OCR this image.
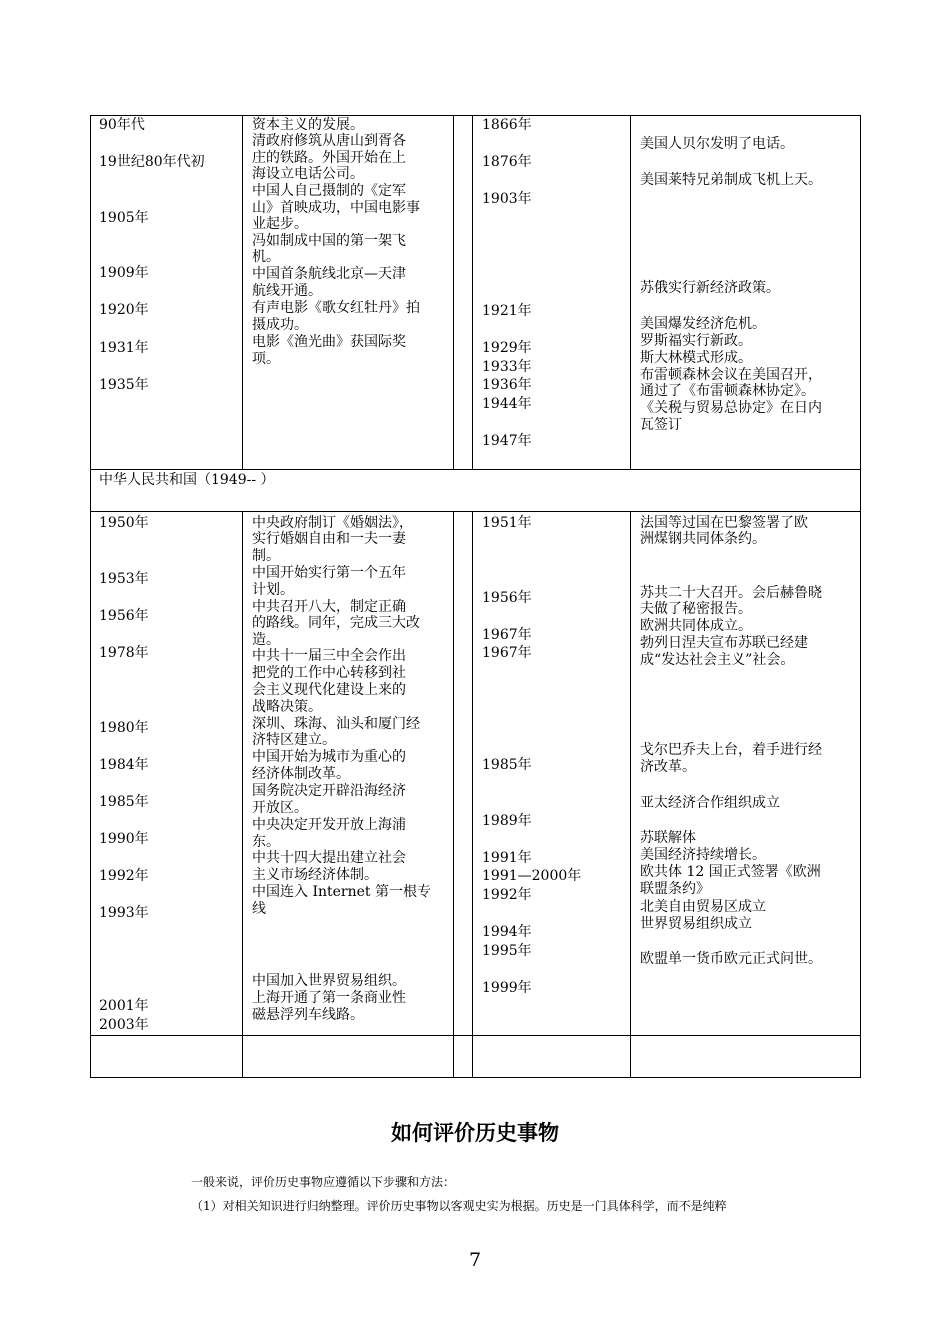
90年代
19世纪80年代初
1905年
1909年
1920年
1931年
1935年
资本主义的发展。
清政府修筑从唐山到胥各
庄的铁路。外国开始在上
海设立电话公司。
中国人自己摄制的《定军
山》首映成功，中国电影事
业起步。
冯如制成中国的第一架飞
机。
中国首条航线北京—天津
航线开通。
有声电影《歌女红牡丹》拍
摄成功。
电影《渔光曲》获国际奖
项。
1866年
1876年
1903年
1921年
1929年
1933年
1936年
1944年
1947年
美国人贝尔发明了电话。
美国莱特兄弟制成飞机上天。
苏俄实行新经济政策。
美国爆发经济危机。
罗斯福实行新政。
斯大林模式形成。
布雷顿森林会议在美国召开，
通过了《布雷顿森林协定》。
《关税与贸易总协定》在日内
瓦签订
中华人民共和国（1949-- ）
1950年
1953年
1956年
1978年
1980年
1984年
1985年
1990年
1992年
1993年
2001年
2003年
中央政府制订《婚姻法》，
实行婚姻自由和一夫一妻
制。
中国开始实行第一个五年
计划。
中共召开八大，制定正确
的路线。同年，完成三大改
造。
中共十一届三中全会作出
把党的工作中心转移到社
会主义现代化建设上来的
战略决策。
深圳、珠海、汕头和厦门经
济特区建立。
中国开始为城市为重心的
经济体制改革。
国务院决定开辟沿海经济
开放区。
中央决定开发开放上海浦
东。
中共十四大提出建立社会
主义市场经济体制。
中国连入 Internet 第一根专
线
中国加入世界贸易组织。
上海开通了第一条商业性
磁悬浮列车线路。
1951年
1956年
1967年
1967年
1985年
1989年
1991年
1991—2000年
1992年
1994年
1995年
1999年
法国等过国在巴黎签署了欧
洲煤钢共同体条约。
苏共二十大召开。会后赫鲁晓
夫做了秘密报告。
欧洲共同体成立。
勃列日涅夫宣布苏联已经建
成“发达社会主义”社会。
戈尔巴乔夫上台，着手进行经
济改革。
亚太经济合作组织成立
苏联解体
美国经济持续增长。
欧共体 12 国正式签署《欧洲
联盟条约》
北美自由贸易区成立
世界贸易组织成立
欧盟单一货币欧元正式问世。
如何评价历史事物
一般来说，评价历史事物应遵循以下步骤和方法：
（1）对相关知识进行归纳整理。评价历史事物以客观史实为根据。历史是一门具体科学，而不是纯粹
7
